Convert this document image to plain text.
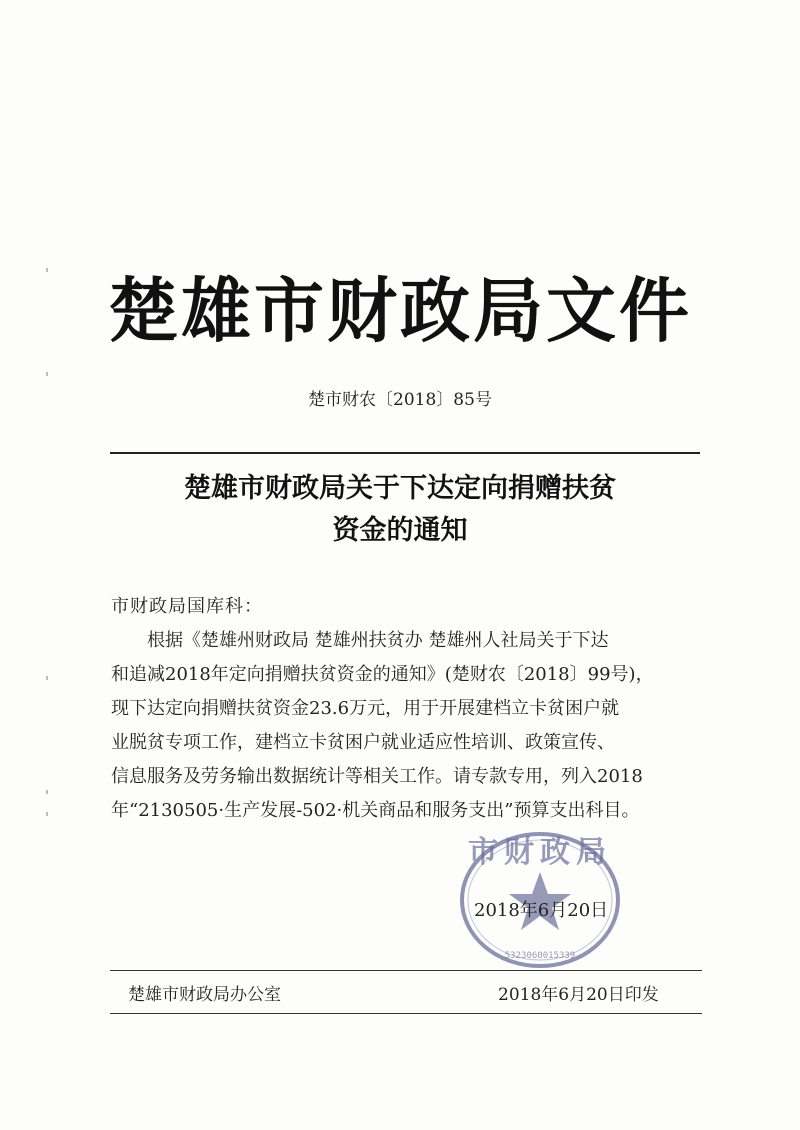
楚雄市财政局文件
楚市财农〔2018〕85号
楚雄市财政局关于下达定向捐赠扶贫
资金的通知
市财政局国库科：
根据《楚雄州财政局 楚雄州扶贫办 楚雄州人社局关于下达
和追减2018年定向捐赠扶贫资金的通知》(楚财农〔2018〕99号)，
现下达定向捐赠扶贫资金23.6万元，用于开展建档立卡贫困户就
业脱贫专项工作，建档立卡贫困户就业适应性培训、政策宣传、
信息服务及劳务输出数据统计等相关工作。请专款专用，列入2018
年“2130505·生产发展-502·机关商品和服务支出”预算支出科目。
市财政局
5323060015339
2018年6月20日
楚雄市财政局办公室	2018年6月20日印发
